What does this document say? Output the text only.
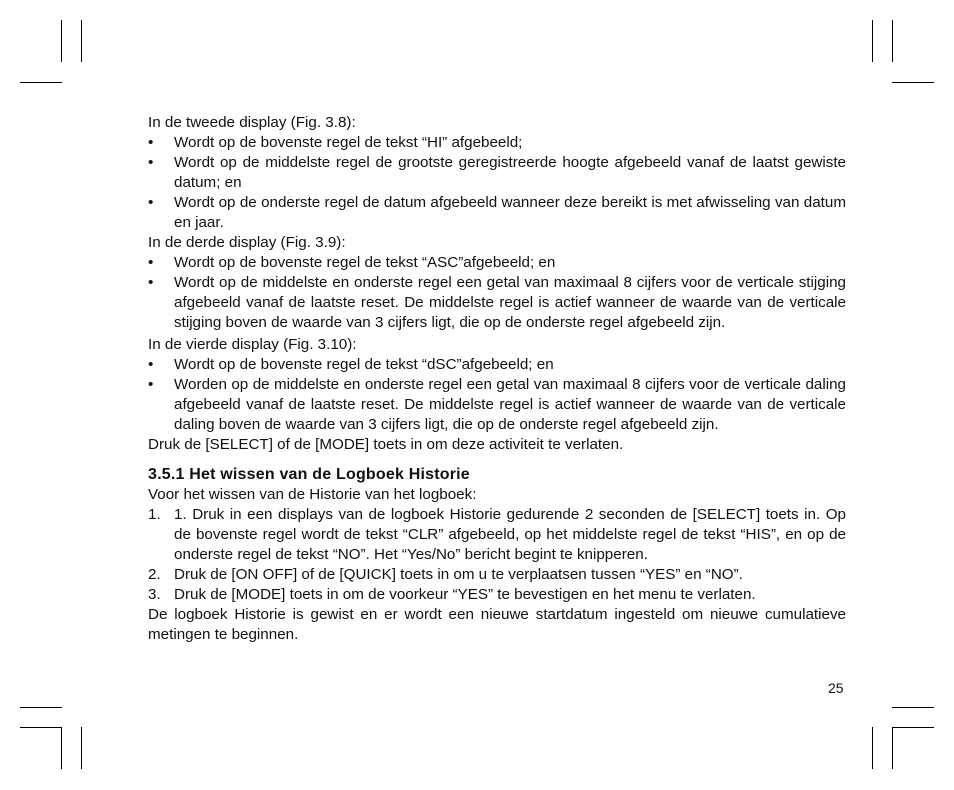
In de tweede display (Fig. 3.8):

•	Wordt op de bovenste regel de tekst “HI” afgebeeld;
•	Wordt op de middelste regel de grootste geregistreerde hoogte afgebeeld vanaf de laatst gewiste datum; en
•	Wordt op de onderste regel de datum afgebeeld wanneer deze bereikt is met afwisseling van datum en jaar.

In de derde display (Fig. 3.9):

•	Wordt op de bovenste regel de tekst “ASC”afgebeeld; en
•	Wordt op de middelste en onderste regel een getal van maximaal 8 cijfers voor de verticale stijging afgebeeld vanaf de laatste reset. De middelste regel is actief wanneer de waarde van de verticale stijging boven de waarde van 3 cijfers ligt, die op de onderste regel afgebeeld zijn.

In de vierde display (Fig. 3.10):

•	Wordt op de bovenste regel de tekst “dSC”afgebeeld; en
•	Worden op de middelste en onderste regel een getal van maximaal 8 cijfers voor de verticale daling afgebeeld vanaf de laatste reset. De middelste regel is actief wanneer de waarde van de verticale daling boven de waarde van 3 cijfers ligt, die op de onderste regel afgebeeld zijn.

Druk de [SELECT] of de [MODE] toets in om deze activiteit te verlaten.

3.5.1 Het wissen van de Logboek Historie

Voor het wissen van de Historie van het logboek:

1. 1. Druk in een displays van de logboek Historie gedurende 2 seconden de [SELECT] toets in. Op de bovenste regel wordt de tekst “CLR” afgebeeld, op het middelste regel de tekst “HIS”, en op de onderste regel de tekst “NO”. Het “Yes/No” bericht begint te knipperen.
2. Druk de [ON OFF] of de [QUICK] toets in om u te verplaatsen tussen “YES” en “NO”.
3. Druk de [MODE] toets in om de voorkeur “YES” te bevestigen en het menu te verlaten.

De logboek Historie is gewist en er wordt een nieuwe startdatum ingesteld om nieuwe cumulatieve metingen te beginnen.

25
